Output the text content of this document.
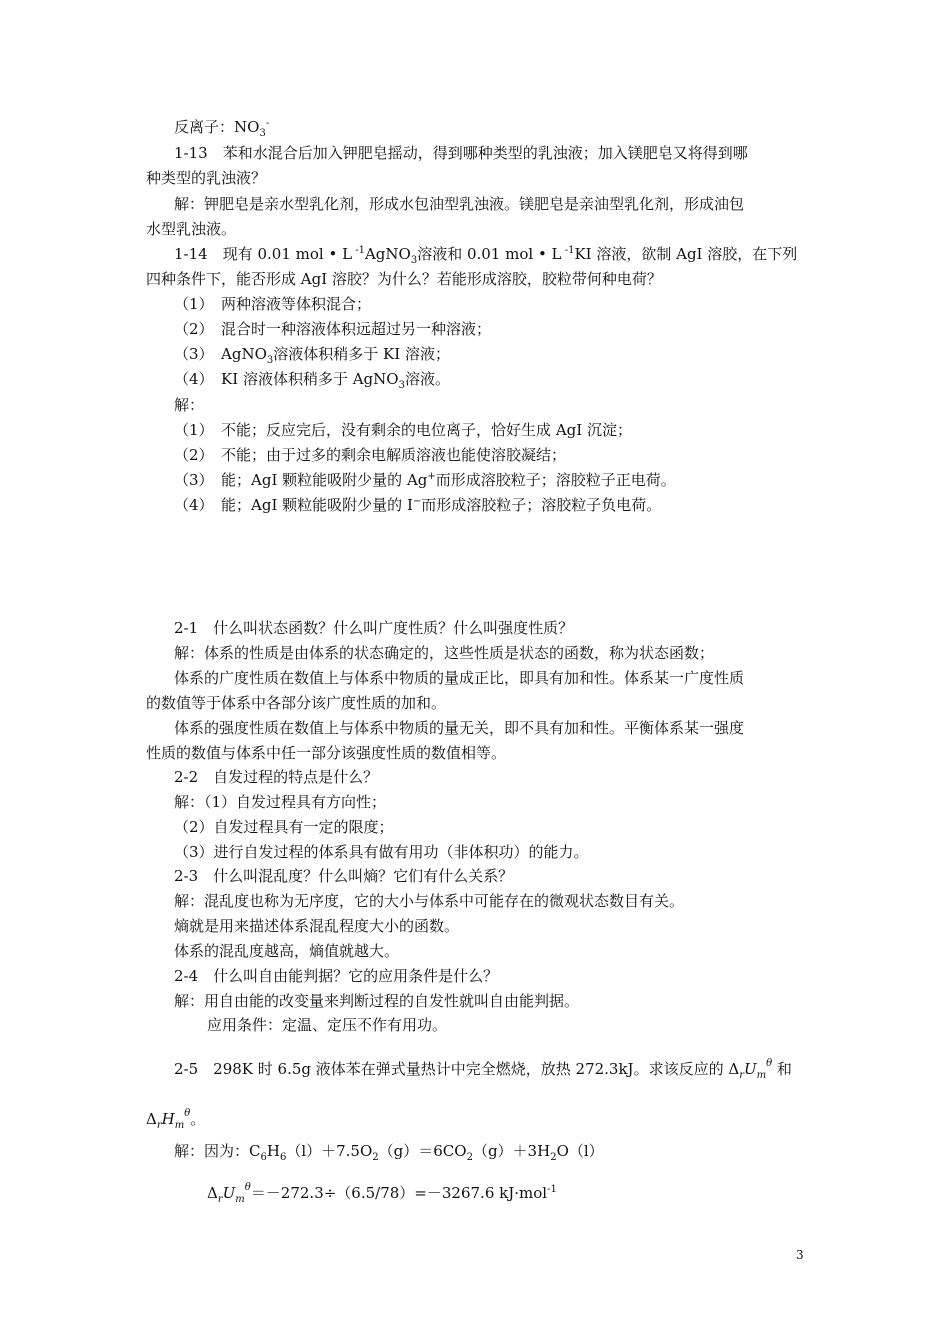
反离子：$NO_3^-$
1-13　苯和水混合后加入钾肥皂摇动，得到哪种类型的乳浊液；加入镁肥皂又将得到哪
种类型的乳浊液？
解：钾肥皂是亲水型乳化剂，形成水包油型乳浊液。镁肥皂是亲油型乳化剂，形成油包
水型乳浊液。
1-14　现有 0.01 mol • L $^{-1}$AgNO$_3$溶液和 0.01 mol • L $^{-1}$KI 溶液，欲制 AgI 溶胶，在下列
四种条件下，能否形成 AgI 溶胶？为什么？若能形成溶胶，胶粒带何种电荷？
（1）　两种溶液等体积混合；
（2）　混合时一种溶液体积远超过另一种溶液；
（3）　AgNO$_3$溶液体积稍多于 KI 溶液；
（4）　KI 溶液体积稍多于 AgNO$_3$溶液。
解：
（1）　不能；反应完后，没有剩余的电位离子，恰好生成 AgI 沉淀；
（2）　不能；由于过多的剩余电解质溶液也能使溶胶凝结；
（3）　能；AgI 颗粒能吸附少量的 Ag+而形成溶胶粒子；溶胶粒子正电荷。
（4）　能；AgI 颗粒能吸附少量的 I−而形成溶胶粒子；溶胶粒子负电荷。
2-1　什么叫状态函数？什么叫广度性质？什么叫强度性质？
解：体系的性质是由体系的状态确定的，这些性质是状态的函数，称为状态函数；
体系的广度性质在数值上与体系中物质的量成正比，即具有加和性。体系某一广度性质
的数值等于体系中各部分该广度性质的加和。
体系的强度性质在数值上与体系中物质的量无关，即不具有加和性。平衡体系某一强度
性质的数值与体系中任一部分该强度性质的数值相等。
2-2　自发过程的特点是什么？
解：（1）自发过程具有方向性；
（2）自发过程具有一定的限度；
（3）进行自发过程的体系具有做有用功（非体积功）的能力。
2-3　什么叫混乱度？什么叫熵？它们有什么关系？
解：混乱度也称为无序度，它的大小与体系中可能存在的微观状态数目有关。
熵就是用来描述体系混乱程度大小的函数。
体系的混乱度越高，熵值就越大。
2-4　什么叫自由能判据？它的应用条件是什么？
解：用自由能的改变量来判断过程的自发性就叫自由能判据。
应用条件：定温、定压不作有用功。
2-5　298K 时 6.5g 液体苯在弹式量热计中完全燃烧，放热 272.3kJ。求该反应的 $\Delta_rU_m^\theta$ 和
$\Delta_rH_m^\theta$。
解：因为：$C_6H_6(l)+7.5O_2(g)=6CO_2(g)+3H_2O(l)$
$\Delta_rU_m^\theta=-272.3\div(6.5/78)=-3267.6$ kJ·mol$^{-1}$
3
